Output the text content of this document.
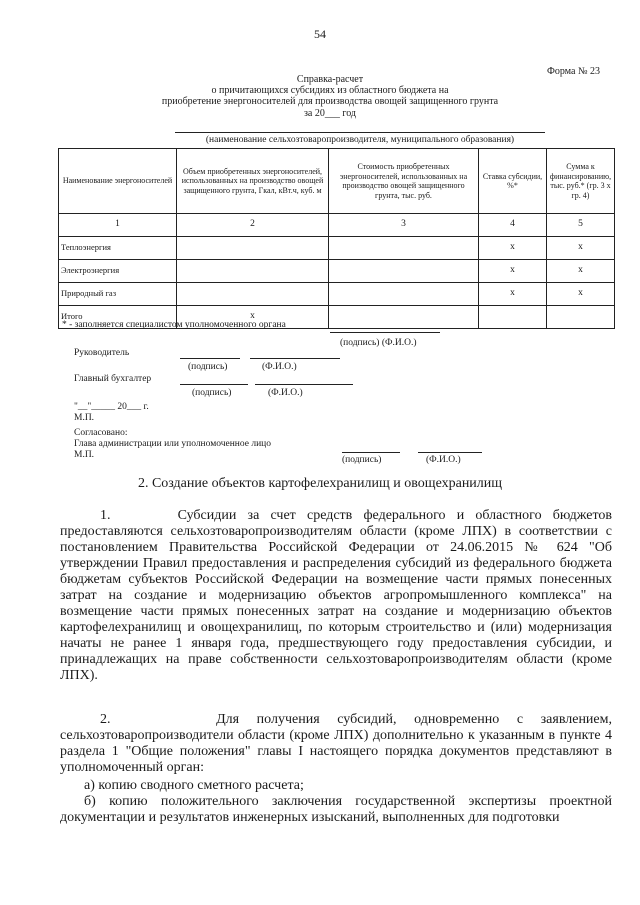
54
Форма № 23
Справка-расчет
о причитающихся субсидиях из областного бюджета на
приобретение энергоносителей для производства овощей защищенного грунта
за 20___ год
(наименование сельхозтоваропроизводителя, муниципального образования)
Наименование энергоносителей	Объем приобретенных энергоносителей, использованных на производство овощей защищенного грунта, Гкал, кВт.ч, куб. м	Стоимость приобретенных энергоносителей, использованных на производство овощей защищенного грунта, тыс. руб.	Ставка субсидии, %*	Сумма к финансированию, тыс. руб.* (гр. 3 х гр. 4)
1	2	3	4	5
Теплоэнергия			х	х
Электроэнергия			х	х
Природный газ			х	х
Итого	х			
* - заполняется специалистом уполномоченного органа
(подпись) (Ф.И.О.)
Руководитель
(подпись)	(Ф.И.О.)
Главный бухгалтер
(подпись)	(Ф.И.О.)
"__"_____ 20___ г.
М.П.
Согласовано:
Глава администрации или уполномоченное лицо
М.П.	(подпись)	(Ф.И.О.)
2. Создание объектов картофелехранилищ и овощехранилищ
1.      Субсидии за счет средств федерального и областного бюджетов предоставляются сельхозтоваропроизводителям области (кроме ЛПХ) в соответствии с постановлением Правительства Российской Федерации от 24.06.2015 № 624 "Об утверждении Правил предоставления и распределения субсидий из федерального бюджета бюджетам субъектов Российской Федерации на возмещение части прямых понесенных затрат на создание и модернизацию объектов агропромышленного комплекса" на возмещение части прямых понесенных затрат на создание и модернизацию объектов картофелехранилищ и овощехранилищ, по которым строительство и (или) модернизация начаты не ранее 1 января года, предшествующего году предоставления субсидии, и принадлежащих на праве собственности сельхозтоваропроизводителям области (кроме ЛПХ).
2.      Для получения субсидий, одновременно с заявлением, сельхозтоваропроизводители области (кроме ЛПХ) дополнительно к указанным в пункте 4 раздела 1 "Общие положения" главы I настоящего порядка документов представляют в уполномоченный орган:
а) копию сводного сметного расчета;
б) копию положительного заключения государственной экспертизы проектной документации и результатов инженерных изысканий, выполненных для подготовки
